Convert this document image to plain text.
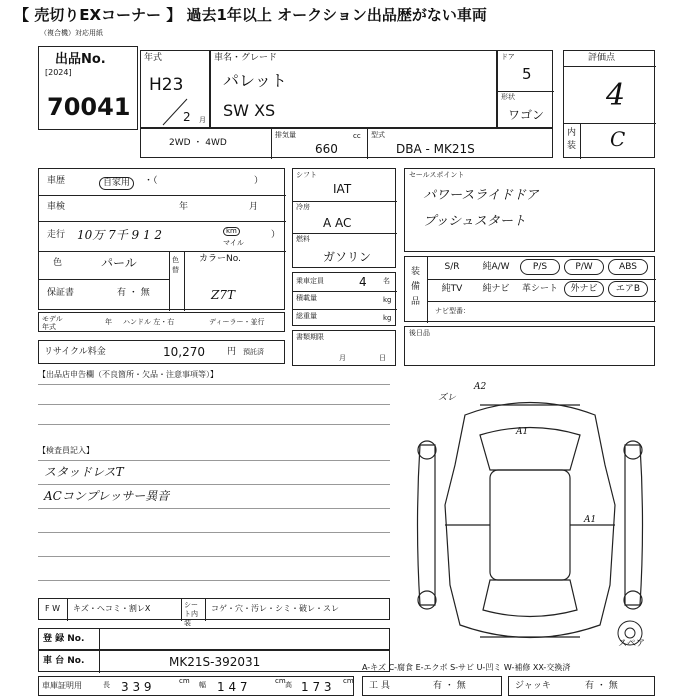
【 売切りEXコーナー 】 過去1年以上 オークション出品歴がない車両
（複合機）対応用紙
出品No.
[2024]
70041
年式
H23
2 月
車名・グレード
パレット
SW XS
ドア
5
形状
ワゴン
評価点
4
内装 C
2WD ・ 4WD
排気量
660
cc 型式
DBA - MK21S
車歴	自家用	・（	）
車検	年	月
走行 10万 7千 9 1 2	km
マイル
）
色	パール	色替
カラーNo.
Z7T
保証書	有 ・ 無
モデル年式
年 ハンドル 左・右	ディーラー・並行
リサイクル料金	10,270 円 預託済
シフト
IAT
冷房
A AC
燃料
ガソリン
乗車定員	4 名
積載量	kg
総重量	kg
書類期限
月	日
セールスポイント
パワースライドドア
プッシュスタート
装備品
ナビ型番：
S/R	純A/W	P/S	P/W	ABS
純TV	純ナビ	革シート	外ナビ	エアB
後日品
【出品店申告欄（不良箇所・欠品・注意事項等）】
【検査員記入】
スタッドレスT
ACコンプレッサー異音
A2
ズレ
A1
A1
スペア
F W キズ・ヘコミ・割レX	シート内装
コゲ・穴・汚レ・シミ・破レ・スレ
登 録 No.
車 台 No.	MK21S-392031
車庫証明用	長 3 3 9	cm 幅 1 4 7	cm 高 1 7 3 cm
A-キズ C-腐食 E-エクボ S-サビ U-凹ミ W-補修 XX-交換済
工 具	有 ・ 無	ジャッキ	有 ・ 無
